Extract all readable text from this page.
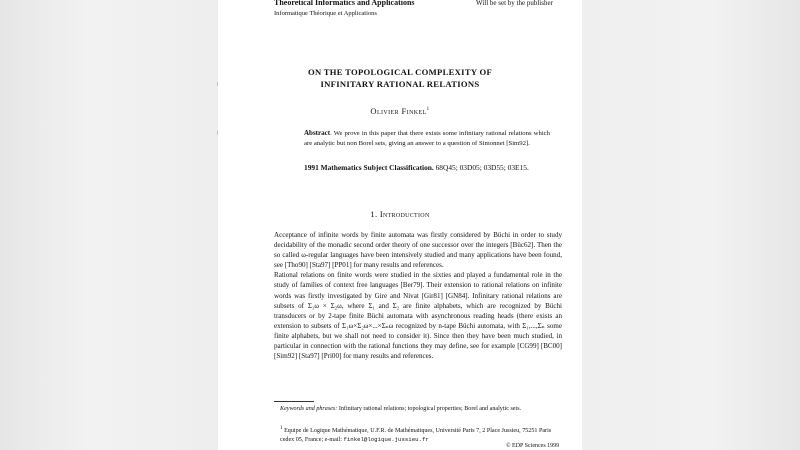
Theoretical Informatics and Applications
Informatique Théorique et Applications
Will be set by the publisher
ON THE TOPOLOGICAL COMPLEXITY OF
INFINITARY RATIONAL RELATIONS
Olivier Finkel$^1$
Abstract. We prove in this paper that there exists some infinitary rational relations which are analytic but non Borel sets, giving an answer to a question of Simonnet [Sim92].
1991 Mathematics Subject Classification. 68Q45; 03D05; 03D55; 03E15.
1. Introduction

Acceptance of infinite words by finite automata was firstly considered by Büchi in order to study decidability of the monadic second order theory of one successor over the integers [Büc62]. Then the so called ω-regular languages have been intensively studied and many applications have been found, see [Tho90] [Sta97] [PP01] for many results and references.

Rational relations on finite words were studied in the sixties and played a fundamental role in the study of families of context free languages [Ber79]. Their extension to rational relations on infinite words was firstly investigated by Gire and Nivat [Gir81] [GN84]. Infinitary rational relations are subsets of Σ₁ω × Σ₂ω, where Σ₁ and Σ₂ are finite alphabets, which are recognized by Büchi transducers or by 2-tape finite Büchi automata with asynchronous reading heads (there exists an extension to subsets of Σ₁ω×Σ₂ω×...×Σₙω recognized by n-tape Büchi automata, with Σ₁,...,Σₙ some finite alphabets, but we shall not need to consider it). Since then they have been much studied, in particular in connection with the rational functions they may define, see for example [CG99] [BC00] [Sim92] [Sta97] [Pri00] for many results and references.

Keywords and phrases: Infinitary rational relations; topological properties; Borel and analytic sets.
$^1$ Equipe de Logique Mathématique, U.F.R. de Mathématiques, Université Paris 7, 2 Place Jussieu, 75251 Paris cedex 05, France; e-mail: finkel@logique.jussieu.fr
© EDP Sciences 1999
